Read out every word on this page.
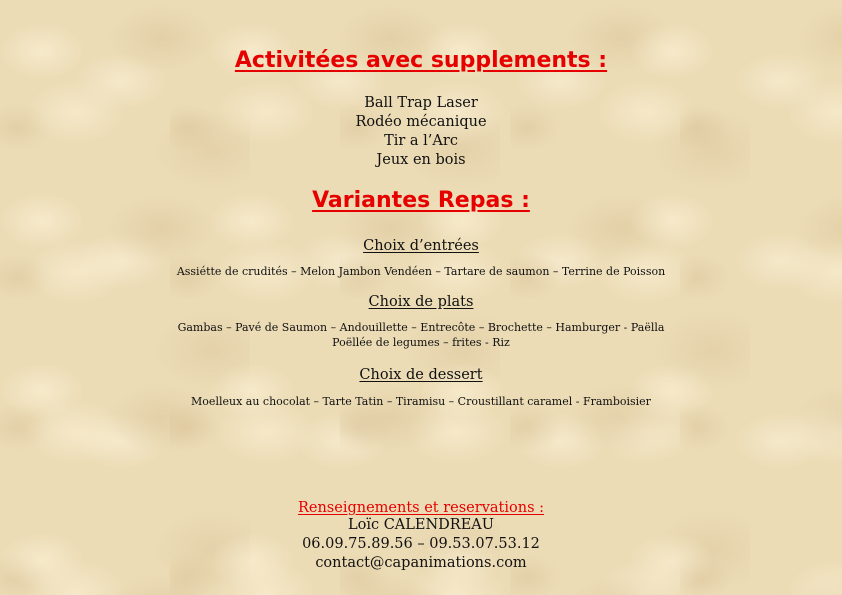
Activitées avec supplements :
Ball Trap Laser
Rodéo mécanique
Tir a l’Arc
Jeux en bois
Variantes Repas :
Choix d’entrées
Assiétte de crudités – Melon Jambon Vendéen – Tartare de saumon – Terrine de Poisson
Choix de plats
Gambas – Pavé de Saumon – Andouillette – Entrecôte – Brochette – Hamburger - Paëlla
Poëllée de legumes – frites - Riz
Choix de dessert
Moelleux au chocolat – Tarte Tatin – Tiramisu – Croustillant caramel - Framboisier
Renseignements et reservations :
Loïc CALENDREAU
06.09.75.89.56 – 09.53.07.53.12
contact@capanimations.com
